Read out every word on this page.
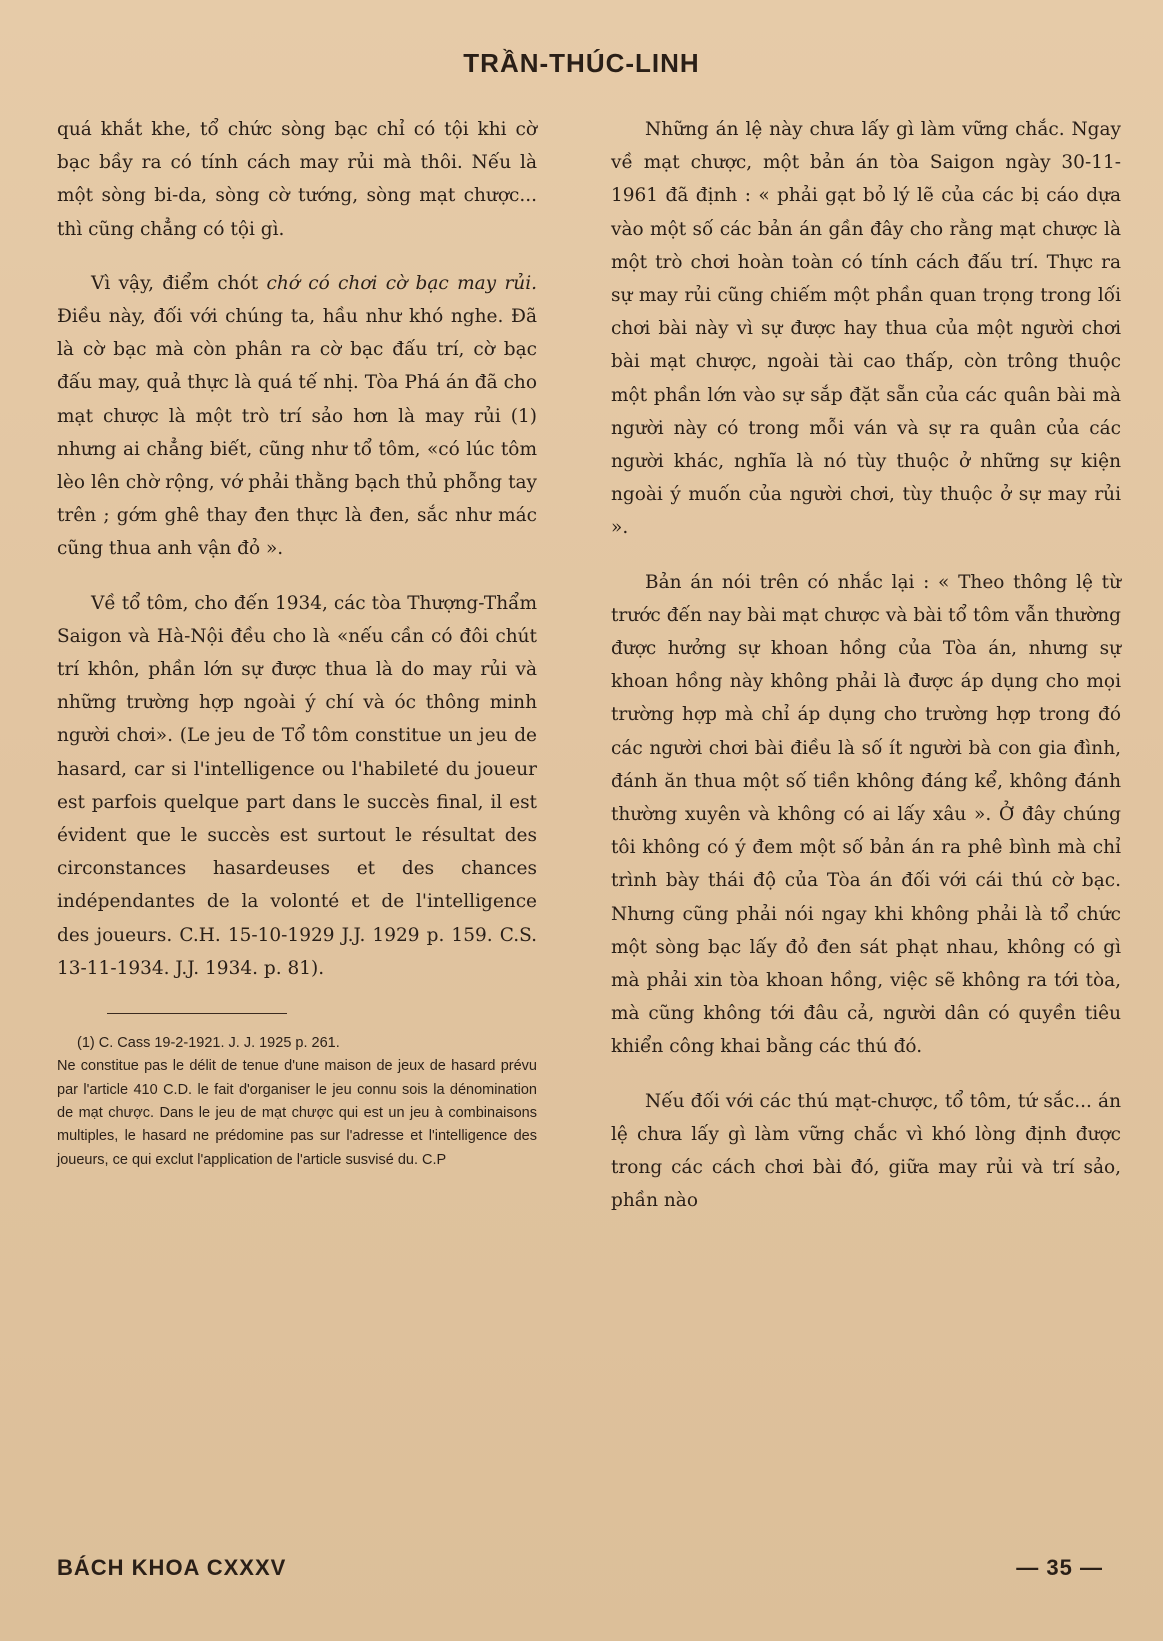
TRẦN-THÚC-LINH

quá khắt khe, tổ chức sòng bạc chỉ có tội khi cờ bạc bầy ra có tính cách may rủi mà thôi. Nếu là một sòng bi-da, sòng cờ tướng, sòng mạt chược... thì cũng chẳng có tội gì.

Vì vậy, điểm chót chớ có chơi cờ bạc may rủi. Điều này, đối với chúng ta, hầu như khó nghe. Đã là cờ bạc mà còn phân ra cờ bạc đấu trí, cờ bạc đấu may, quả thực là quá tế nhị. Tòa Phá án đã cho mạt chược là một trò trí sảo hơn là may rủi (1) nhưng ai chẳng biết, cũng như tổ tôm, «có lúc tôm lèo lên chờ rộng, vớ phải thằng bạch thủ phỗng tay trên ; gớm ghê thay đen thực là đen, sắc như mác cũng thua anh vận đỏ ».

Về tổ tôm, cho đến 1934, các tòa Thượng-Thẩm Saigon và Hà-Nội đều cho là «nếu cần có đôi chút trí khôn, phần lớn sự được thua là do may rủi và những trường hợp ngoài ý chí và óc thông minh người chơi». (Le jeu de Tổ tôm constitue un jeu de hasard, car si l'intelligence ou l'habileté du joueur est parfois quelque part dans le succès final, il est évident que le succès est surtout le résultat des circonstances hasardeuses et des chances indépendantes de la volonté et de l'intelligence des joueurs. C.H. 15-10-1929 J.J. 1929 p. 159. C.S. 13-11-1934. J.J. 1934. p. 81).

(1) C. Cass 19-2-1921. J. J. 1925 p. 261.
Ne constitue pas le délit de tenue d'une maison de jeux de hasard prévu par l'article 410 C.D. le fait d'organiser le jeu connu sois la dénomination de mạt chược. Dans le jeu de mạt chược qui est un jeu à combinaisons multiples, le hasard ne prédomine pas sur l'adresse et l'intelligence des joueurs, ce qui exclut l'application de l'article susvisé du. C.P

Những án lệ này chưa lấy gì làm vững chắc. Ngay về mạt chược, một bản án tòa Saigon ngày 30-11-1961 đã định : « phải gạt bỏ lý lẽ của các bị cáo dựa vào một số các bản án gần đây cho rằng mạt chược là một trò chơi hoàn toàn có tính cách đấu trí. Thực ra sự may rủi cũng chiếm một phần quan trọng trong lối chơi bài này vì sự được hay thua của một người chơi bài mạt chược, ngoài tài cao thấp, còn trông thuộc một phần lớn vào sự sắp đặt sẵn của các quân bài mà người này có trong mỗi ván và sự ra quân của các người khác, nghĩa là nó tùy thuộc ở những sự kiện ngoài ý muốn của người chơi, tùy thuộc ở sự may rủi ».

Bản án nói trên có nhắc lại : « Theo thông lệ từ trước đến nay bài mạt chược và bài tổ tôm vẫn thường được hưởng sự khoan hồng của Tòa án, nhưng sự khoan hồng này không phải là được áp dụng cho mọi trường hợp mà chỉ áp dụng cho trường hợp trong đó các người chơi bài điều là số ít người bà con gia đình, đánh ăn thua một số tiền không đáng kể, không đánh thường xuyên và không có ai lấy xâu ». Ở đây chúng tôi không có ý đem một số bản án ra phê bình mà chỉ trình bày thái độ của Tòa án đối với cái thú cờ bạc. Nhưng cũng phải nói ngay khi không phải là tổ chức một sòng bạc lấy đỏ đen sát phạt nhau, không có gì mà phải xin tòa khoan hồng, việc sẽ không ra tới tòa, mà cũng không tới đâu cả, người dân có quyền tiêu khiển công khai bằng các thú đó.

Nếu đối với các thú mạt-chược, tổ tôm, tứ sắc... án lệ chưa lấy gì làm vững chắc vì khó lòng định được trong các cách chơi bài đó, giữa may rủi và trí sảo, phần nào

BÁCH KHOA CXXXV	— 35 —
